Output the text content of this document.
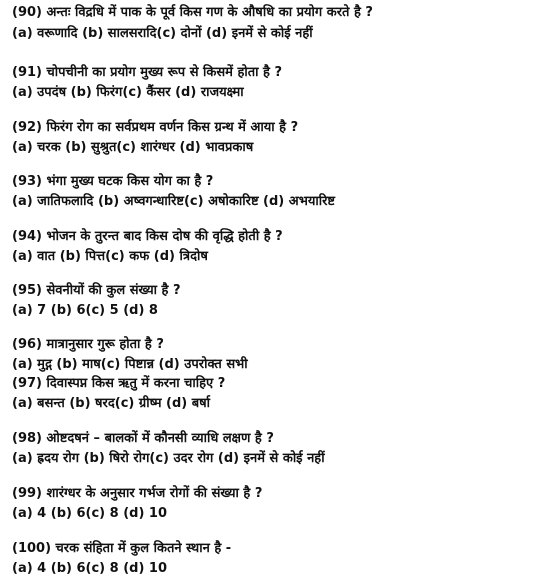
(90) अन्तः विद्रधि में पाक के पूर्व किस गण के औषधि का प्रयोग करते है ?
(a) वरूणादि (b) सालसरादि(c) दोनों (d) इनमें से कोई नहीं
(91) चोपचीनी का प्रयोग मुख्य रूप से किसमें होता है ?
(a) उपदंष (b) फिरंग(c) कैंसर (d) राजयक्ष्मा
(92) फिरंग रोग का सर्वप्रथम वर्णन किस ग्रन्थ में आया है ?
(a) चरक (b) सुश्रुत(c) शारंग्धर (d) भावप्रकाष
(93) भंगा मुख्य घटक किस योग का है ?
(a) जातिफलादि (b) अष्वगन्धारिष्ट(c) अषोकारिष्ट (d) अभयारिष्ट
(94) भोजन के तुरन्त बाद किस दोष की वृद्धि होती है ?
(a) वात (b) पित्त(c) कफ (d) त्रिदोष
(95) सेवनीयों की कुल संख्या है ?
(a) 7 (b) 6(c) 5 (d) 8
(96) मात्रानुसार गुरू होता है ?
(a) मुद्ग (b) माष(c) पिष्टान्न (d) उपरोक्त सभी
(97) दिवास्पप्न किस ऋतु में करना चाहिए ?
(a) बसन्त (b) षरद(c) ग्रीष्म (d) बर्षा
(98) ओष्टदषनं – बालकों में कौनसी व्याधि लक्षण है ?
(a) ह्रदय रोग (b) षिरो रोग(c) उदर रोग (d) इनमें से कोई नहीं
(99) शारंग्धर के अनुसार गर्भज रोगों की संख्या है ?
(a) 4 (b) 6(c) 8 (d) 10
(100) चरक संहिता में कुल कितने स्थान है -
(a) 4 (b) 6(c) 8 (d) 10
